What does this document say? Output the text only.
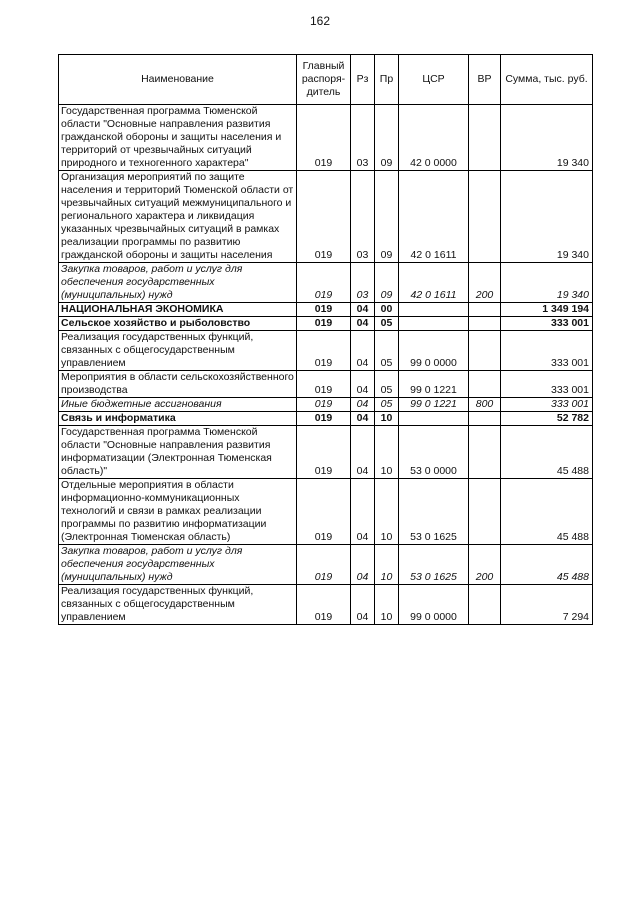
162
Наименование	Главный распоря-дитель	Рз	Пр	ЦСР	ВР	Сумма, тыс. руб.
Государственная программа Тюменской области "Основные направления развития гражданской обороны и защиты населения и территорий от чрезвычайных ситуаций природного и техногенного характера"	019	03	09	42 0 0000		19 340
Организация мероприятий по защите населения и территорий Тюменской области от чрезвычайных ситуаций межмуниципального и регионального характера и ликвидация указанных чрезвычайных ситуаций в рамках реализации программы по развитию гражданской обороны и защиты населения	019	03	09	42 0 1611		19 340
Закупка товаров, работ и услуг для обеспечения государственных (муниципальных) нужд	019	03	09	42 0 1611	200	19 340
НАЦИОНАЛЬНАЯ ЭКОНОМИКА	019	04	00			1 349 194
Сельское хозяйство и рыболовство	019	04	05			333 001
Реализация государственных функций, связанных с общегосударственным управлением	019	04	05	99 0 0000		333 001
Мероприятия в области сельскохозяйственного производства	019	04	05	99 0 1221		333 001
Иные бюджетные ассигнования	019	04	05	99 0 1221	800	333 001
Связь и информатика	019	04	10			52 782
Государственная программа Тюменской области "Основные направления развития информатизации (Электронная Тюменская область)"	019	04	10	53 0 0000		45 488
Отдельные мероприятия в области информационно-коммуникационных технологий и связи в рамках реализации программы по развитию информатизации (Электронная Тюменская область)	019	04	10	53 0 1625		45 488
Закупка товаров, работ и услуг для обеспечения государственных (муниципальных) нужд	019	04	10	53 0 1625	200	45 488
Реализация государственных функций, связанных с общегосударственным управлением	019	04	10	99 0 0000		7 294
